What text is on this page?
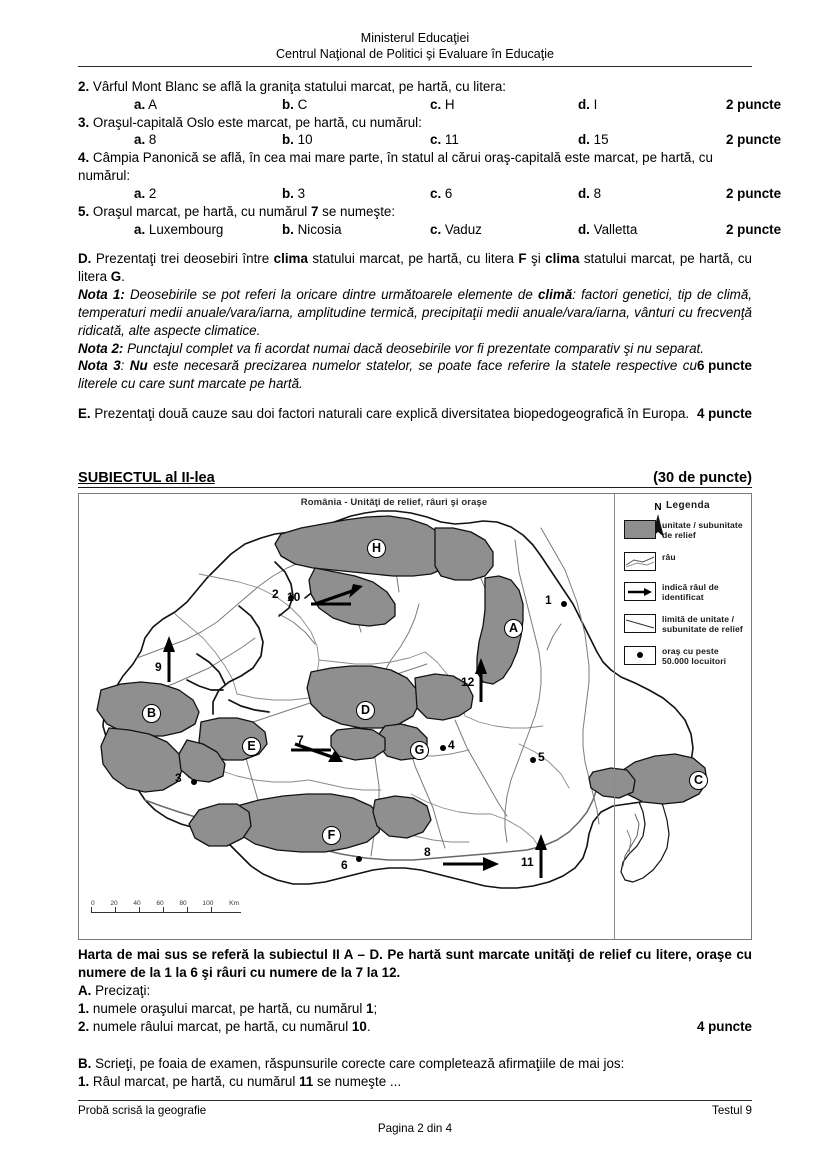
Ministerul Educaţiei
Centrul Naţional de Politici şi Evaluare în Educaţie
2. Vârful Mont Blanc se află la graniţa statului marcat, pe hartă, cu litera:
a. A	b. C	c. H	d. I	2 puncte
3. Oraşul-capitală Oslo este marcat, pe hartă, cu numărul:
a. 8	b. 10	c. 11	d. 15	2 puncte
4. Câmpia Panonică se află, în cea mai mare parte, în statul al cărui oraş-capitală este marcat, pe hartă, cu numărul:
a. 2	b. 3	c. 6	d. 8	2 puncte
5. Oraşul marcat, pe hartă, cu numărul 7 se numeşte:
a. Luxembourg	b. Nicosia	c. Vaduz	d. Valletta	2 puncte
D. Prezentaţi trei deosebiri între clima statului marcat, pe hartă, cu litera F şi clima statului marcat, pe hartă, cu litera G.
Nota 1: Deosebirile se pot referi la oricare dintre următoarele elemente de climă: factori genetici, tip de climă, temperaturi medii anuale/vara/iarna, amplitudine termică, precipitaţii medii anuale/vara/iarna, vânturi cu frecvenţă ridicată, alte aspecte climatice.
Nota 2: Punctajul complet va fi acordat numai dacă deosebirile vor fi prezentate comparativ şi nu separat.
6 puncte
Nota 3: Nu este necesară precizarea numelor statelor, se poate face referire la statele respective cu literele cu care sunt marcate pe hartă.
4 puncte
E. Prezentaţi două cauze sau doi factori naturali care explică diversitatea biopedogeografică în Europa.
SUBIECTUL al II-lea	(30 de puncte)
România - Unităţi de relief, râuri şi oraşe	N
H
A
B	D
E	G
C
F
1
2
3
4
5
6
7
8
9
10
11
12
0 20 40 60 80 100 Km
Legenda
unitate / subunitate
de relief
râu
indică râul de
identificat
limită de unitate /
subunitate de relief
oraş cu peste
50.000 locuitori
Harta de mai sus se referă la subiectul II A – D. Pe hartă sunt marcate unităţi de relief cu litere, oraşe cu numere de la 1 la 6 şi râuri cu numere de la 7 la 12.
A. Precizaţi:
1. numele oraşului marcat, pe hartă, cu numărul 1;
4 puncte
2. numele râului marcat, pe hartă, cu numărul 10.
B. Scrieţi, pe foaia de examen, răspunsurile corecte care completează afirmaţiile de mai jos:
1. Râul marcat, pe hartă, cu numărul 11 se numeşte ...
Probă scrisă la geografie	Testul 9
Pagina 2 din 4
